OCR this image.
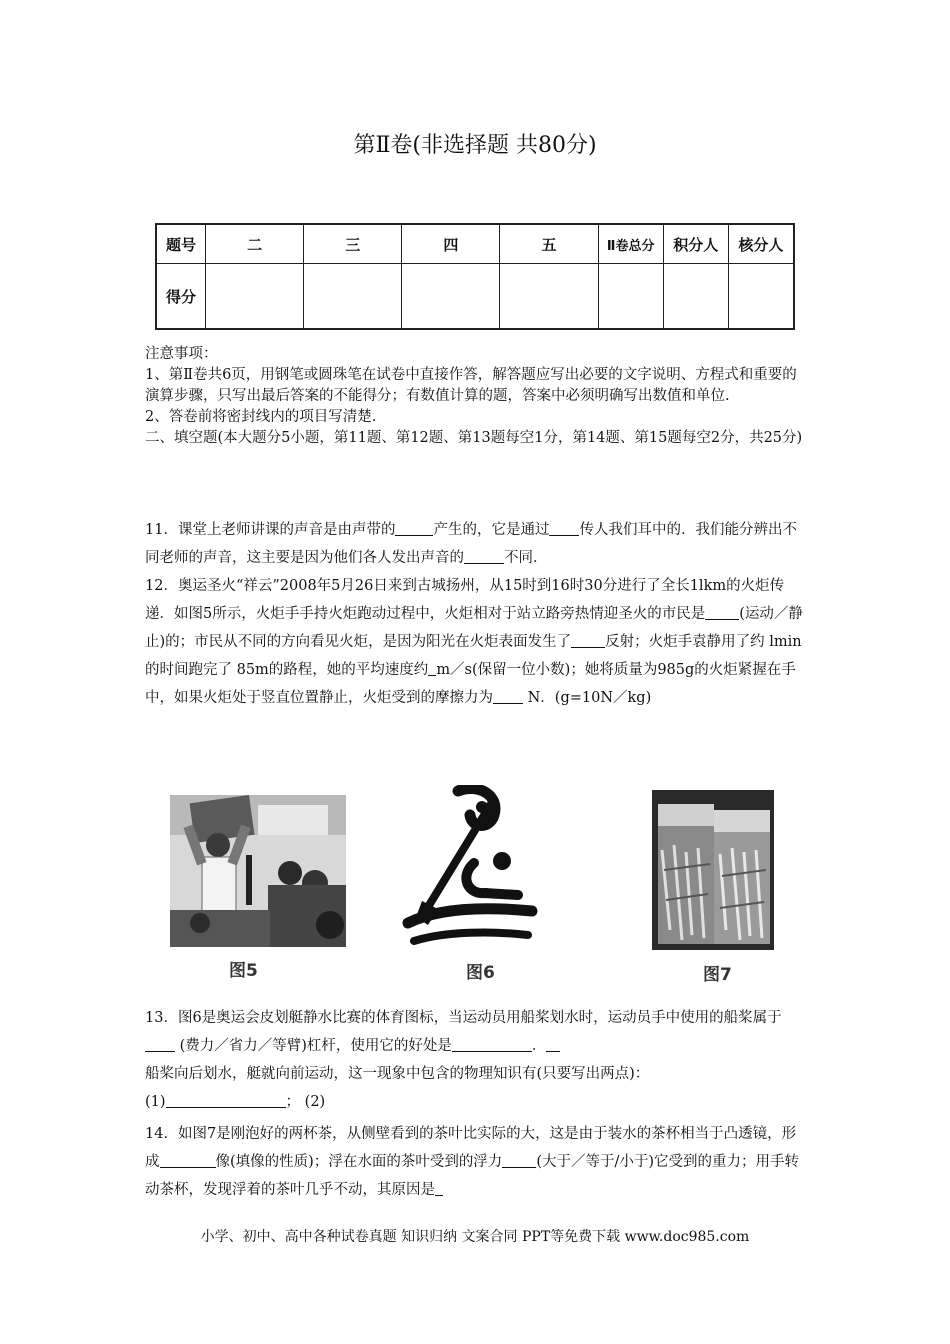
第Ⅱ卷(非选择题 共80分)
题号	二	三	四	五	Ⅱ卷总分	积分人	核分人
得分							

注意事项：

1、第Ⅱ卷共6页，用钢笔或圆珠笔在试卷中直接作答，解答题应写出必要的文字说明、方程式和重要的演算步骤，只写出最后答案的不能得分；有数值计算的题，答案中必须明确写出数值和单位.

2、答卷前将密封线内的项目写清楚.

二、填空题(本大题分5小题，第11题、第12题、第13题每空1分，第14题、第15题每空2分，共25分)

11．课堂上老师讲课的声音是由声带的	产生的，它是通过 传人我们耳中的．我们能分辨出不同老师的声音，这主要是因为他们各人发出声音的	不同．
12．奥运圣火“祥云”2008年5月26日来到古城扬州，从15时到16时30分进行了全长1lkm的火炬传递．如图5所示，火炬手手持火炬跑动过程中，火炬相对于站立路旁热情迎圣火的市民是 (运动／静止)的；市民从不同的方向看见火炬，是因为阳光在火炬表面发生了 反射；火炬手袁静用了约 lmin的时间跑完了 85m的路程，她的平均速度约 m／s(保留一位小数)；她将质量为985g的火炬紧握在手中，如果火炬处于竖直位置静止，火炬受到的摩擦力为 N．(g=10N／kg)
图5	图6	图7
13．图6是奥运会皮划艇静水比赛的体育图标，当运动员用船桨划水时，运动员手中使用的船桨属于 (费力／省力／等臂)杠杆，使用它的好处是	．
船桨向后划水，艇就向前运动，这一现象中包含的物理知识有(只要写出两点)：
(1)	； (2)
14．如图7是刚泡好的两杯茶，从侧壁看到的茶叶比实际的大，这是由于装水的茶杯相当于凸透镜，形成	像(填像的性质)；浮在水面的茶叶受到的浮力 (大于／等于/小于)它受到的重力；用手转动茶杯，发现浮着的茶叶几乎不动，其原因是
小学、初中、高中各种试卷真题 知识归纳 文案合同 PPT等免费下载 www.doc985.com
